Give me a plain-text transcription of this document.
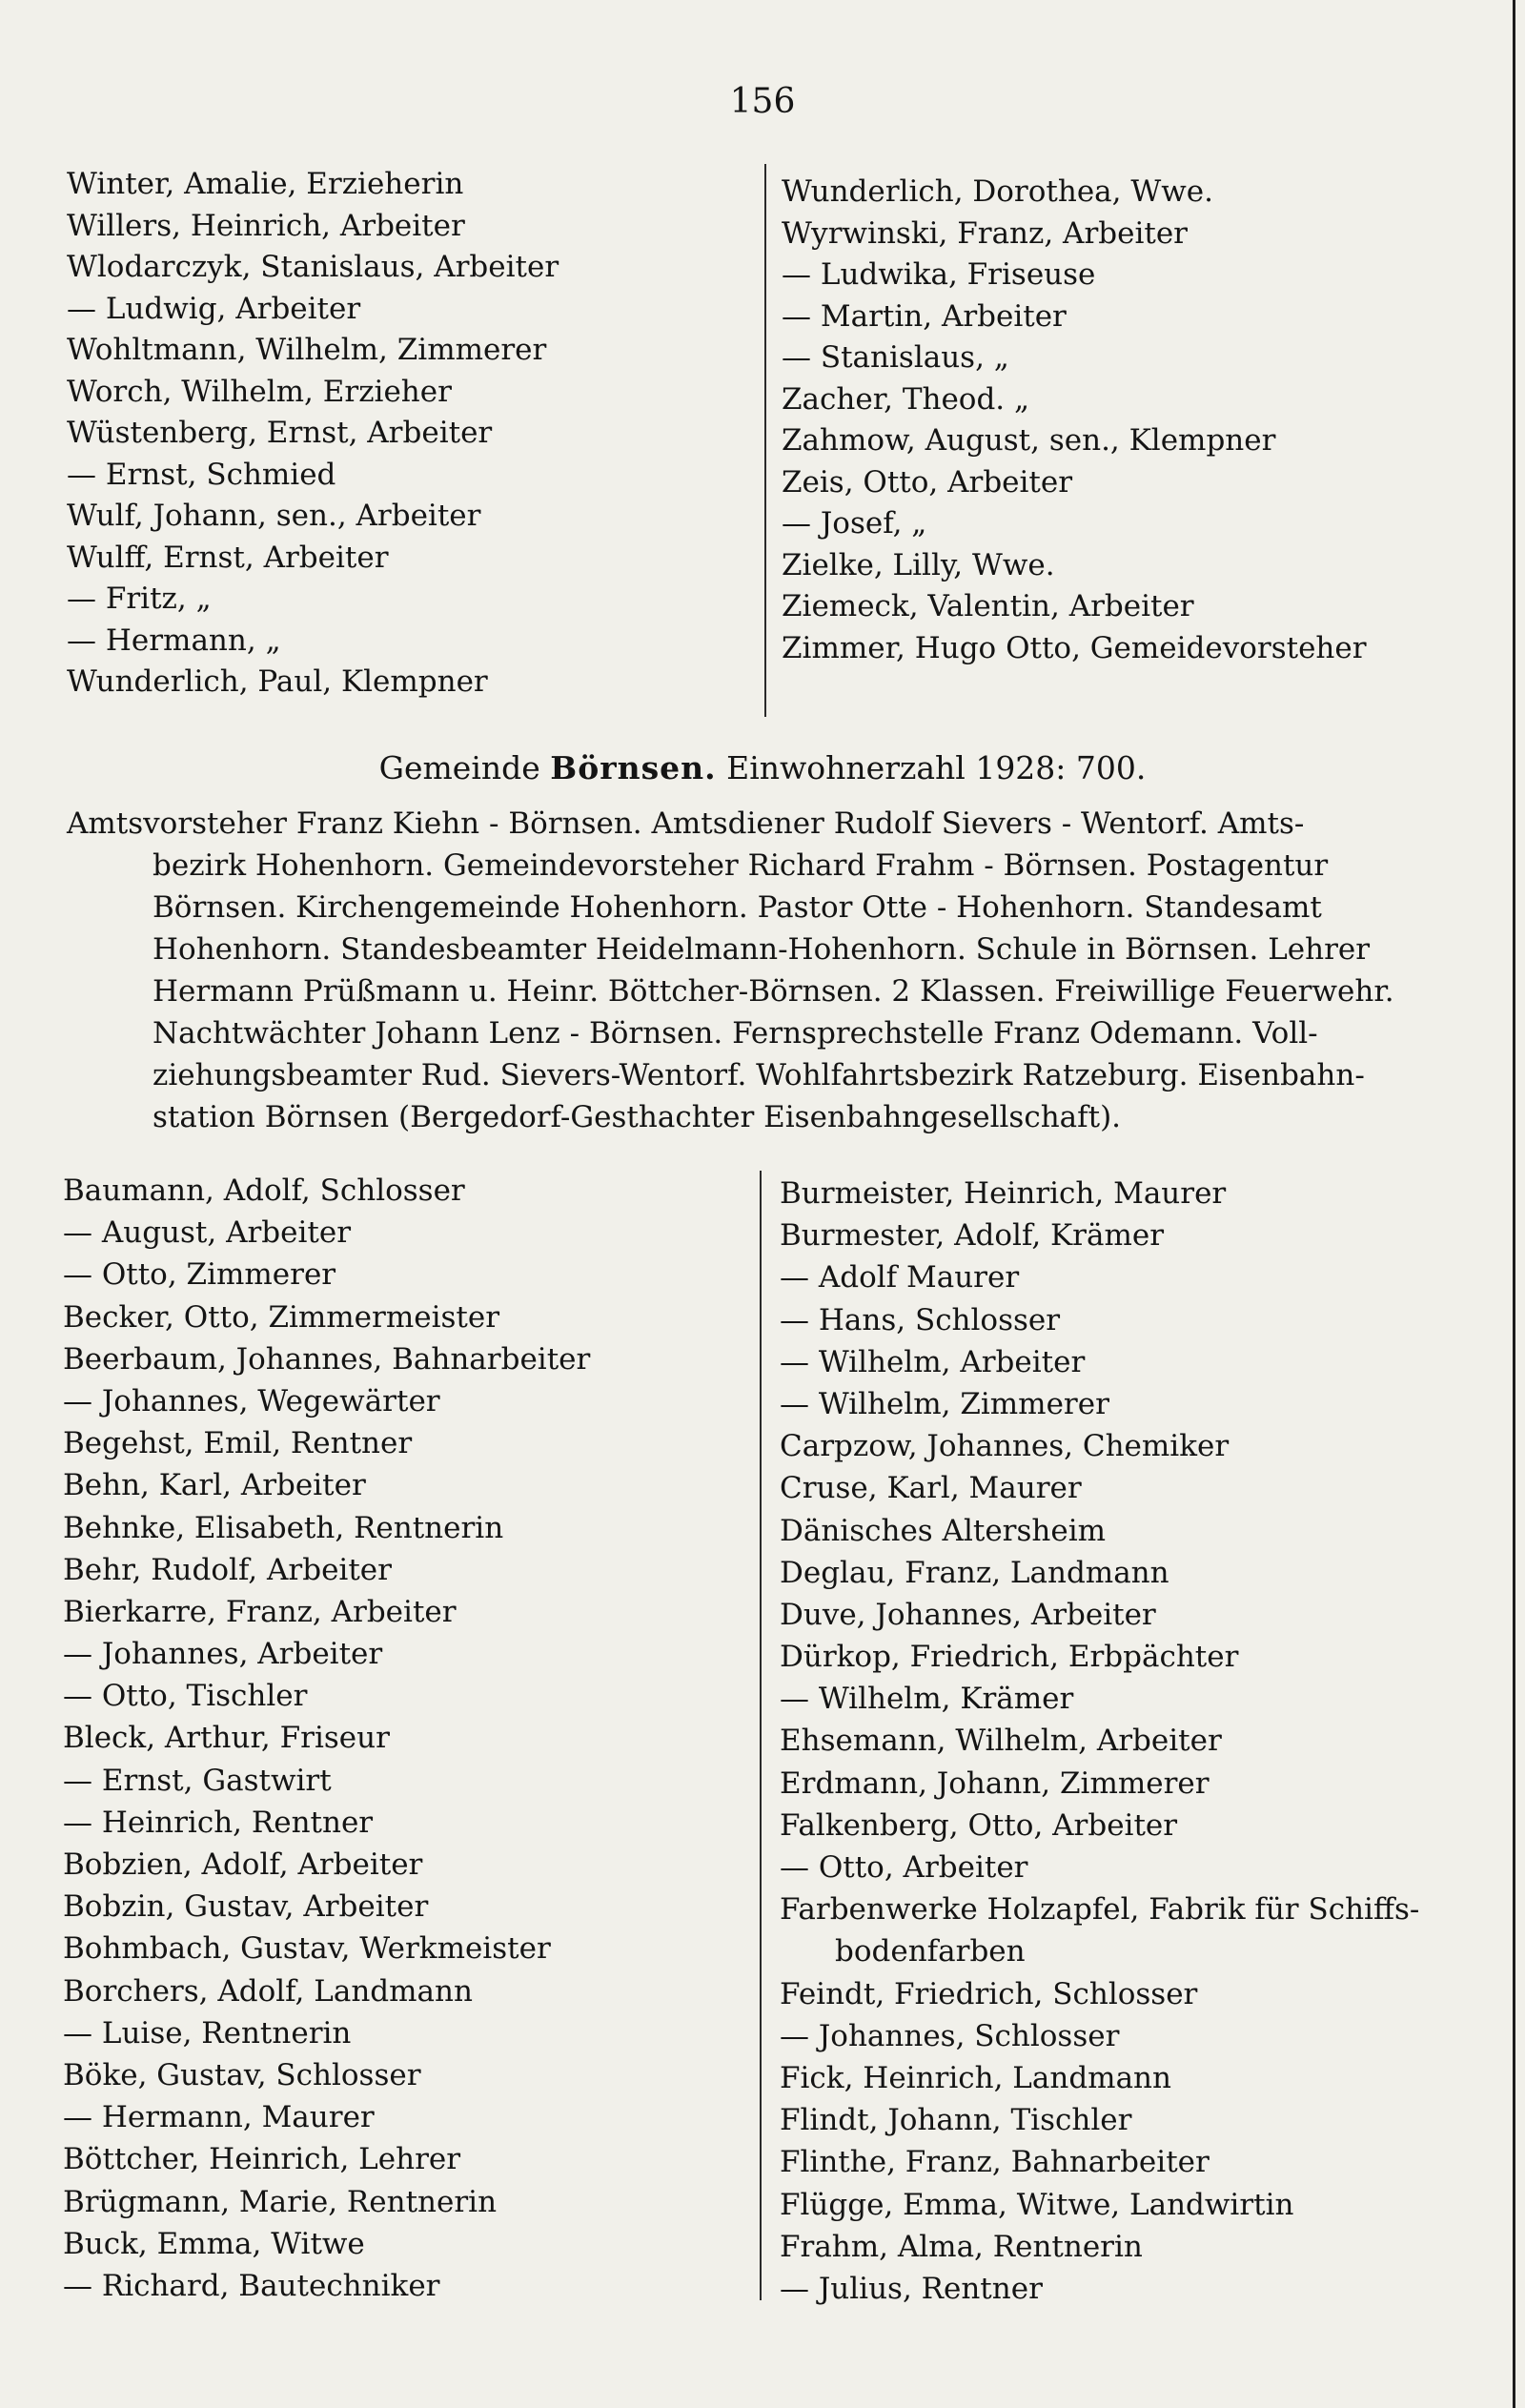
156
Winter, Amalie, Erzieherin
Willers, Heinrich, Arbeiter
Wlodarczyk, Stanislaus, Arbeiter
— Ludwig, Arbeiter
Wohltmann, Wilhelm, Zimmerer
Worch, Wilhelm, Erzieher
Wüstenberg, Ernst, Arbeiter
— Ernst, Schmied
Wulf, Johann, sen., Arbeiter
Wulff, Ernst, Arbeiter
— Fritz, „
— Hermann, „
Wunderlich, Paul, Klempner
Wunderlich, Dorothea, Wwe.
Wyrwinski, Franz, Arbeiter
— Ludwika, Friseuse
— Martin, Arbeiter
— Stanislaus, „
Zacher, Theod. „
Zahmow, August, sen., Klempner
Zeis, Otto, Arbeiter
— Josef, „
Zielke, Lilly, Wwe.
Ziemeck, Valentin, Arbeiter
Zimmer, Hugo Otto, Gemeidevorsteher
Gemeinde Börnsen. Einwohnerzahl 1928: 700.

Amtsvorsteher Franz Kiehn - Börnsen. Amtsdiener Rudolf Sievers - Wentorf. Amts-
bezirk Hohenhorn. Gemeindevorsteher Richard Frahm - Börnsen. Postagentur
Börnsen. Kirchengemeinde Hohenhorn. Pastor Otte - Hohenhorn. Standesamt
Hohenhorn. Standesbeamter Heidelmann-Hohenhorn. Schule in Börnsen. Lehrer
Hermann Prüßmann u. Heinr. Böttcher-Börnsen. 2 Klassen. Freiwillige Feuerwehr.
Nachtwächter Johann Lenz - Börnsen. Fernsprechstelle Franz Odemann. Voll-
ziehungsbeamter Rud. Sievers-Wentorf. Wohlfahrtsbezirk Ratzeburg. Eisenbahn-
station Börnsen (Bergedorf-Gesthachter Eisenbahngesellschaft).

Baumann, Adolf, Schlosser
— August, Arbeiter
— Otto, Zimmerer
Becker, Otto, Zimmermeister
Beerbaum, Johannes, Bahnarbeiter
— Johannes, Wegewärter
Begehst, Emil, Rentner
Behn, Karl, Arbeiter
Behnke, Elisabeth, Rentnerin
Behr, Rudolf, Arbeiter
Bierkarre, Franz, Arbeiter
— Johannes, Arbeiter
— Otto, Tischler
Bleck, Arthur, Friseur
— Ernst, Gastwirt
— Heinrich, Rentner
Bobzien, Adolf, Arbeiter
Bobzin, Gustav, Arbeiter
Bohmbach, Gustav, Werkmeister
Borchers, Adolf, Landmann
— Luise, Rentnerin
Böke, Gustav, Schlosser
— Hermann, Maurer
Böttcher, Heinrich, Lehrer
Brügmann, Marie, Rentnerin
Buck, Emma, Witwe
— Richard, Bautechniker
Burmeister, Heinrich, Maurer
Burmester, Adolf, Krämer
— Adolf Maurer
— Hans, Schlosser
— Wilhelm, Arbeiter
— Wilhelm, Zimmerer
Carpzow, Johannes, Chemiker
Cruse, Karl, Maurer
Dänisches Altersheim
Deglau, Franz, Landmann
Duve, Johannes, Arbeiter
Dürkop, Friedrich, Erbpächter
— Wilhelm, Krämer
Ehsemann, Wilhelm, Arbeiter
Erdmann, Johann, Zimmerer
Falkenberg, Otto, Arbeiter
— Otto, Arbeiter
Farbenwerke Holzapfel, Fabrik für Schiffs-
bodenfarben
Feindt, Friedrich, Schlosser
— Johannes, Schlosser
Fick, Heinrich, Landmann
Flindt, Johann, Tischler
Flinthe, Franz, Bahnarbeiter
Flügge, Emma, Witwe, Landwirtin
Frahm, Alma, Rentnerin
— Julius, Rentner
